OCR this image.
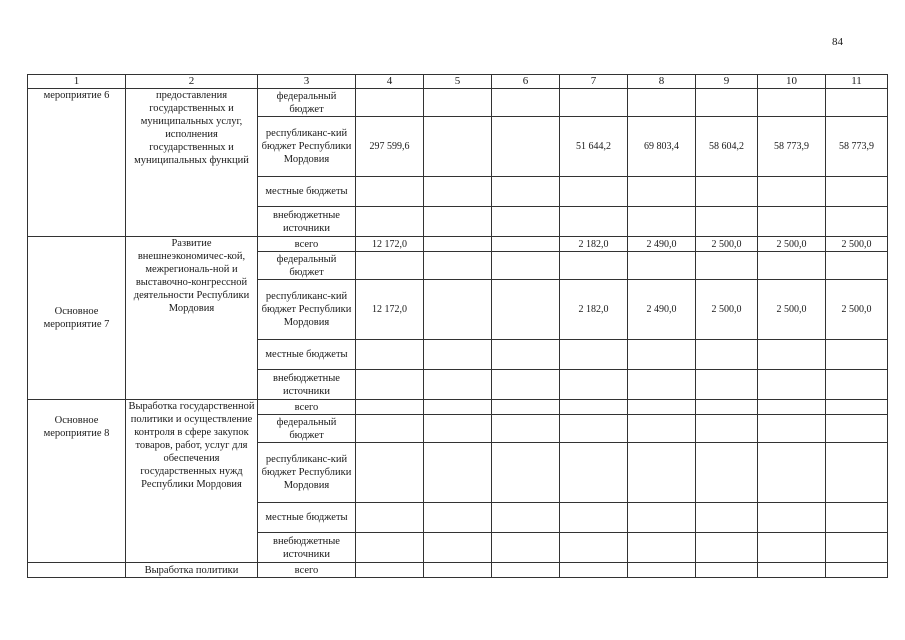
84
1	2	3	4	5	6	7	8	9	10	11
мероприятие 6	предоставления государственных и муниципальных услуг, исполнения государственных и муниципальных функций	федеральный бюджет								
		республиканс-кий бюджет Республики Мордовия	297 599,6			51 644,2	69 803,4	58 604,2	58 773,9	58 773,9
		местные бюджеты								
		внебюджетные источники								
Основное мероприятие 7	Развитие внешнеэкономичес-кой, межрегиональ-ной и выставочно-конгрессной деятельности Республики Мордовия	всего	12 172,0			2 182,0	2 490,0	2 500,0	2 500,0	2 500,0
		федеральный бюджет								
		республиканс-кий бюджет Республики Мордовия	12 172,0			2 182,0	2 490,0	2 500,0	2 500,0	2 500,0
		местные бюджеты								
		внебюджетные источники								
Основное мероприятие 8	Выработка государственной политики и осуществление контроля в сфере закупок товаров, работ, услуг для обеспечения государственных нужд Республики Мордовия	всего								
		федеральный бюджет								
		республиканс-кий бюджет Республики Мордовия								
		местные бюджеты								
		внебюджетные источники								
	Выработка политики	всего								
